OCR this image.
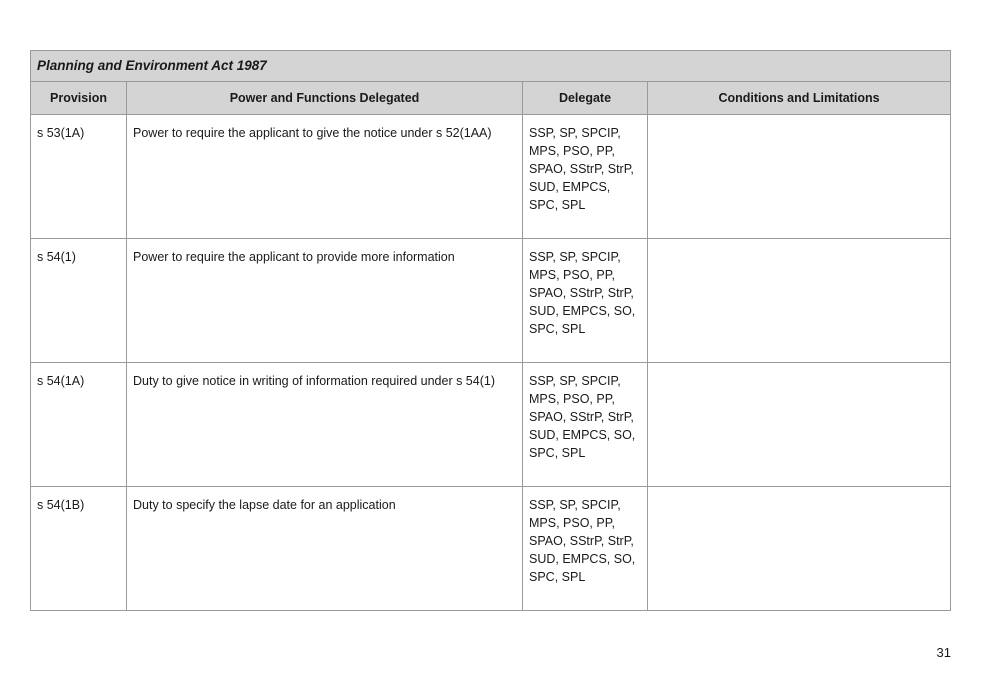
Planning and Environment Act 1987			
Provision	Power and Functions Delegated	Delegate	Conditions and Limitations
s 53(1A)	Power to require the applicant to give the notice under s 52(1AA)	SSP, SP, SPCIP,
MPS, PSO, PP,
SPAO, SStrP, StrP,
SUD, EMPCS,
SPC, SPL	

s 54(1)	Power to require the applicant to provide more information	SSP, SP, SPCIP,
MPS, PSO, PP,
SPAO, SStrP, StrP,
SUD, EMPCS, SO,
SPC, SPL	

s 54(1A)	Duty to give notice in writing of information required under s 54(1)	SSP, SP, SPCIP,
MPS, PSO, PP,
SPAO, SStrP, StrP,
SUD, EMPCS, SO,
SPC, SPL	

s 54(1B)	Duty to specify the lapse date for an application	SSP, SP, SPCIP,
MPS, PSO, PP,
SPAO, SStrP, StrP,
SUD, EMPCS, SO,
SPC, SPL	

31
